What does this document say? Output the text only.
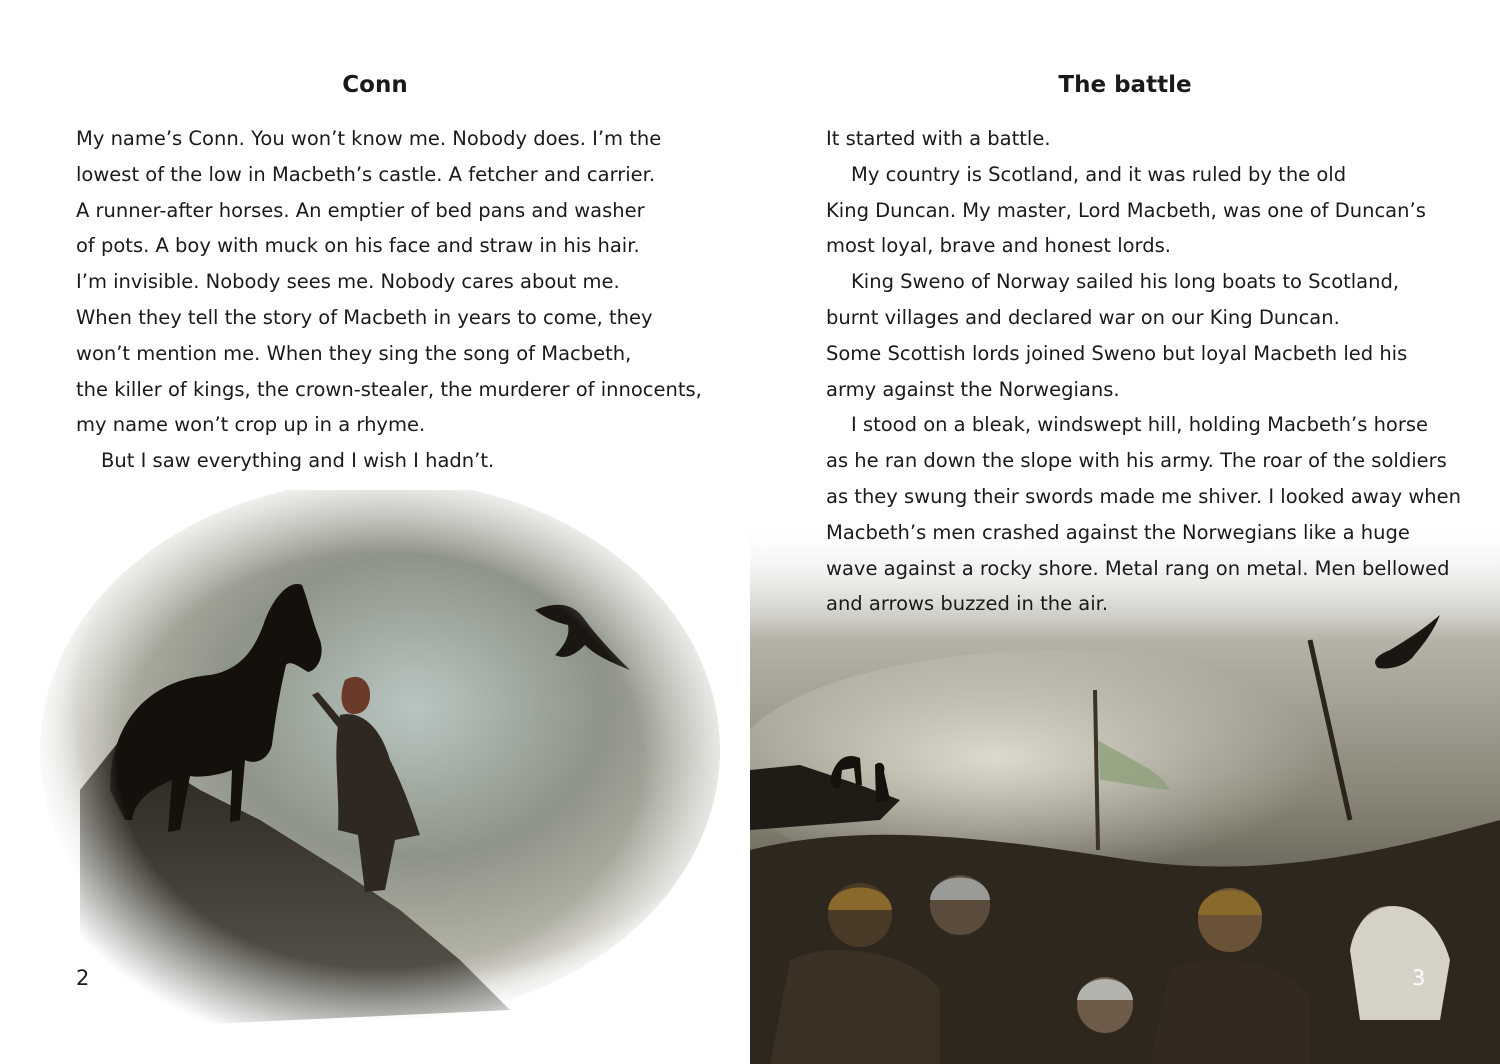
Conn
My name’s Conn. You won’t know me. Nobody does. I’m the
lowest of the low in Macbeth’s castle. A fetcher and carrier.
A runner-after horses. An emptier of bed pans and washer
of pots. A boy with muck on his face and straw in his hair.
I’m invisible. Nobody sees me. Nobody cares about me.
When they tell the story of Macbeth in years to come, they
won’t mention me. When they sing the song of Macbeth,
the killer of kings, the crown-stealer, the murderer of innocents,
my name won’t crop up in a rhyme.
But I saw everything and I wish I hadn’t.
2
The battle
It started with a battle.
My country is Scotland, and it was ruled by the old
King Duncan. My master, Lord Macbeth, was one of Duncan’s
most loyal, brave and honest lords.
King Sweno of Norway sailed his long boats to Scotland,
burnt villages and declared war on our King Duncan.
Some Scottish lords joined Sweno but loyal Macbeth led his
army against the Norwegians.
I stood on a bleak, windswept hill, holding Macbeth’s horse
as he ran down the slope with his army. The roar of the soldiers
as they swung their swords made me shiver. I looked away when
Macbeth’s men crashed against the Norwegians like a huge
wave against a rocky shore. Metal rang on metal. Men bellowed
and arrows buzzed in the air.
3
